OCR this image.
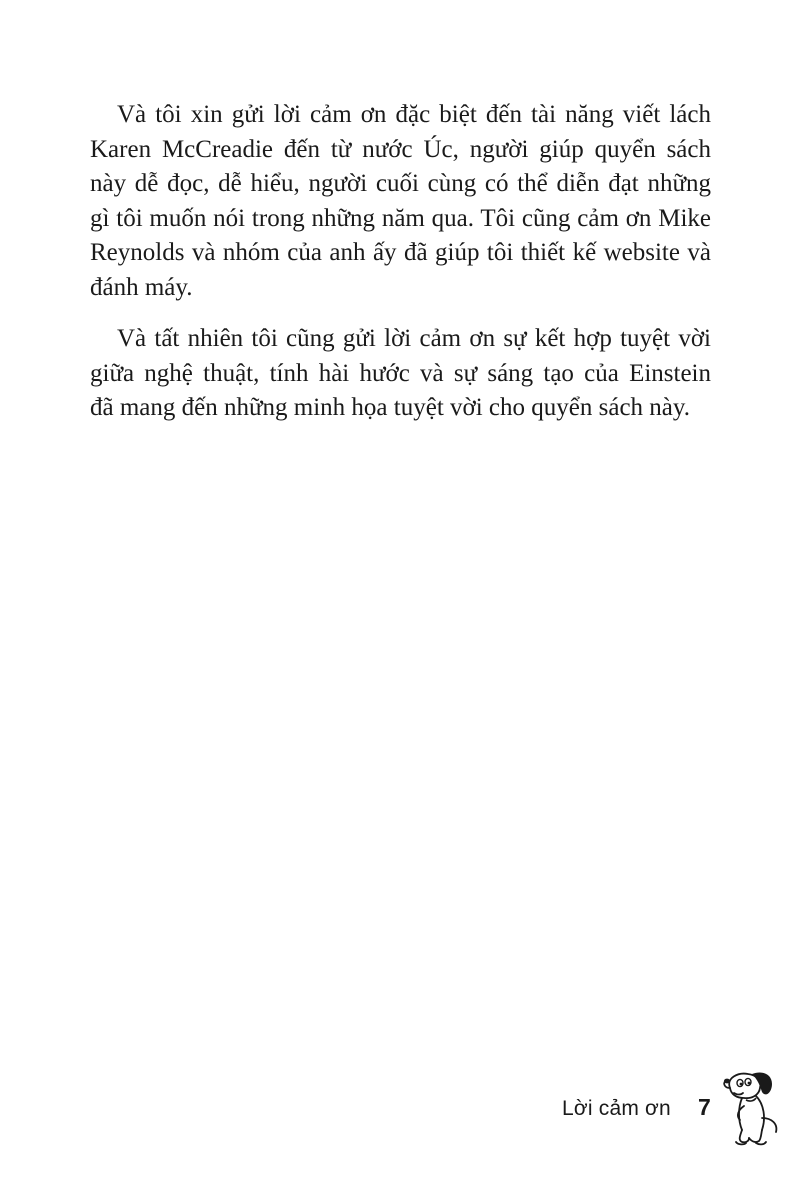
Và tôi xin gửi lời cảm ơn đặc biệt đến tài năng viết lách
Karen McCreadie đến từ nước Úc, người giúp quyển sách
này dễ đọc, dễ hiểu, người cuối cùng có thể diễn đạt những
gì tôi muốn nói trong những năm qua. Tôi cũng cảm ơn Mike
Reynolds và nhóm của anh ấy đã giúp tôi thiết kế website và
đánh máy.

Và tất nhiên tôi cũng gửi lời cảm ơn sự kết hợp tuyệt vời
giữa nghệ thuật, tính hài hước và sự sáng tạo của Einstein
đã mang đến những minh họa tuyệt vời cho quyển sách này.

Lời cảm ơn 7
